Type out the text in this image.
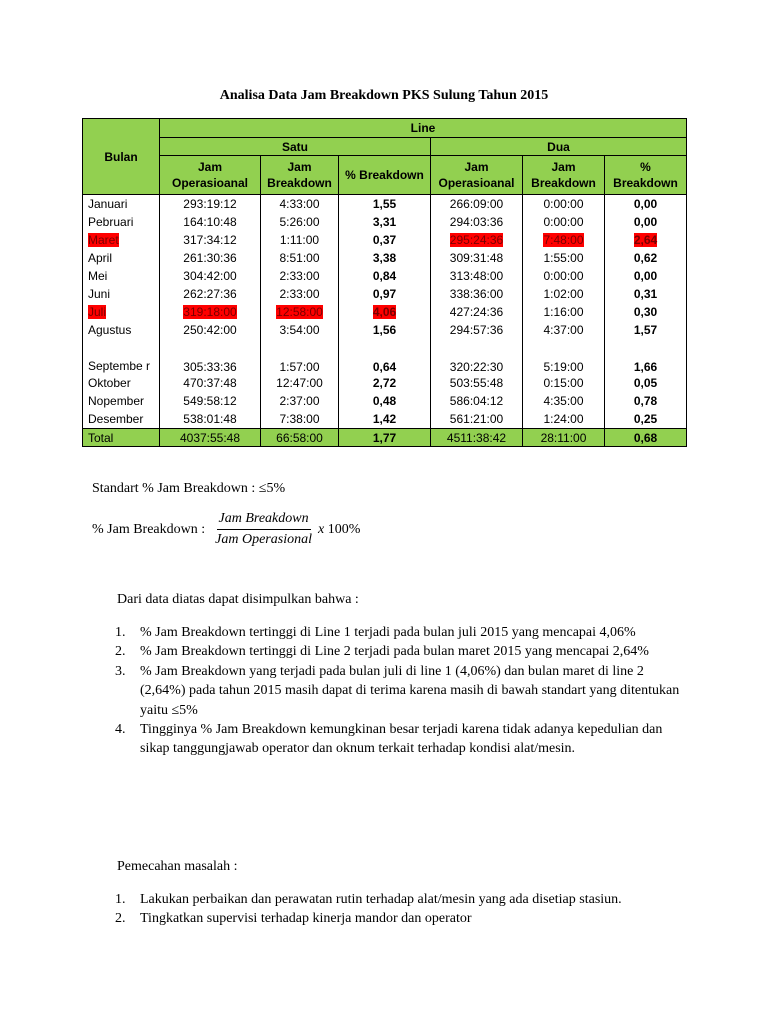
Analisa Data Jam Breakdown PKS Sulung Tahun 2015
Bulan	Line					
	Satu			Dua		
	Jam Operasioanal	Jam Breakdown	% Breakdown	Jam Operasioanal	Jam Breakdown	% Breakdown
Januari	293:19:12	4:33:00	1,55	266:09:00	0:00:00	0,00
Pebruari	164:10:48	5:26:00	3,31	294:03:36	0:00:00	0,00
Maret	317:34:12	1:11:00	0,37	295:24:36	7:48:00	2,64
April	261:30:36	8:51:00	3,38	309:31:48	1:55:00	0,62
Mei	304:42:00	2:33:00	0,84	313:48:00	0:00:00	0,00
Juni	262:27:36	2:33:00	0,97	338:36:00	1:02:00	0,31
Juli	319:18:00	12:58:00	4,06	427:24:36	1:16:00	0,30
Agustus	250:42:00	3:54:00	1,56	294:57:36	4:37:00	1,57
Septembe r	305:33:36	1:57:00	0,64	320:22:30	5:19:00	1,66
Oktober	470:37:48	12:47:00	2,72	503:55:48	0:15:00	0,05
Nopember	549:58:12	2:37:00	0,48	586:04:12	4:35:00	0,78
Desember	538:01:48	7:38:00	1,42	561:21:00	1:24:00	0,25
Total	4037:55:48	66:58:00	1,77	4511:38:42	28:11:00	0,68
Standart % Jam Breakdown : ≤5%
% Jam Breakdown : $\frac{\text{Jam Breakdown}}{\text{Jam Operasional}}$ x
100%
Dari data diatas dapat disimpulkan bahwa :
1. % Jam Breakdown tertinggi di Line 1 terjadi pada bulan juli 2015 yang mencapai 4,06%
2. % Jam Breakdown tertinggi di Line 2 terjadi pada bulan maret 2015 yang mencapai 2,64%
3. % Jam Breakdown yang terjadi pada bulan juli di line 1 (4,06%) dan bulan maret di line 2 (2,64%) pada tahun 2015 masih dapat di terima karena masih di bawah standart yang ditentukan yaitu ≤5%
4. Tingginya % Jam Breakdown kemungkinan besar terjadi karena tidak adanya kepedulian dan sikap tanggungjawab operator dan oknum terkait terhadap kondisi alat/mesin.
Pemecahan masalah :
1. Lakukan perbaikan dan perawatan rutin terhadap alat/mesin yang ada disetiap stasiun.
2. Tingkatkan supervisi terhadap kinerja mandor dan operator
